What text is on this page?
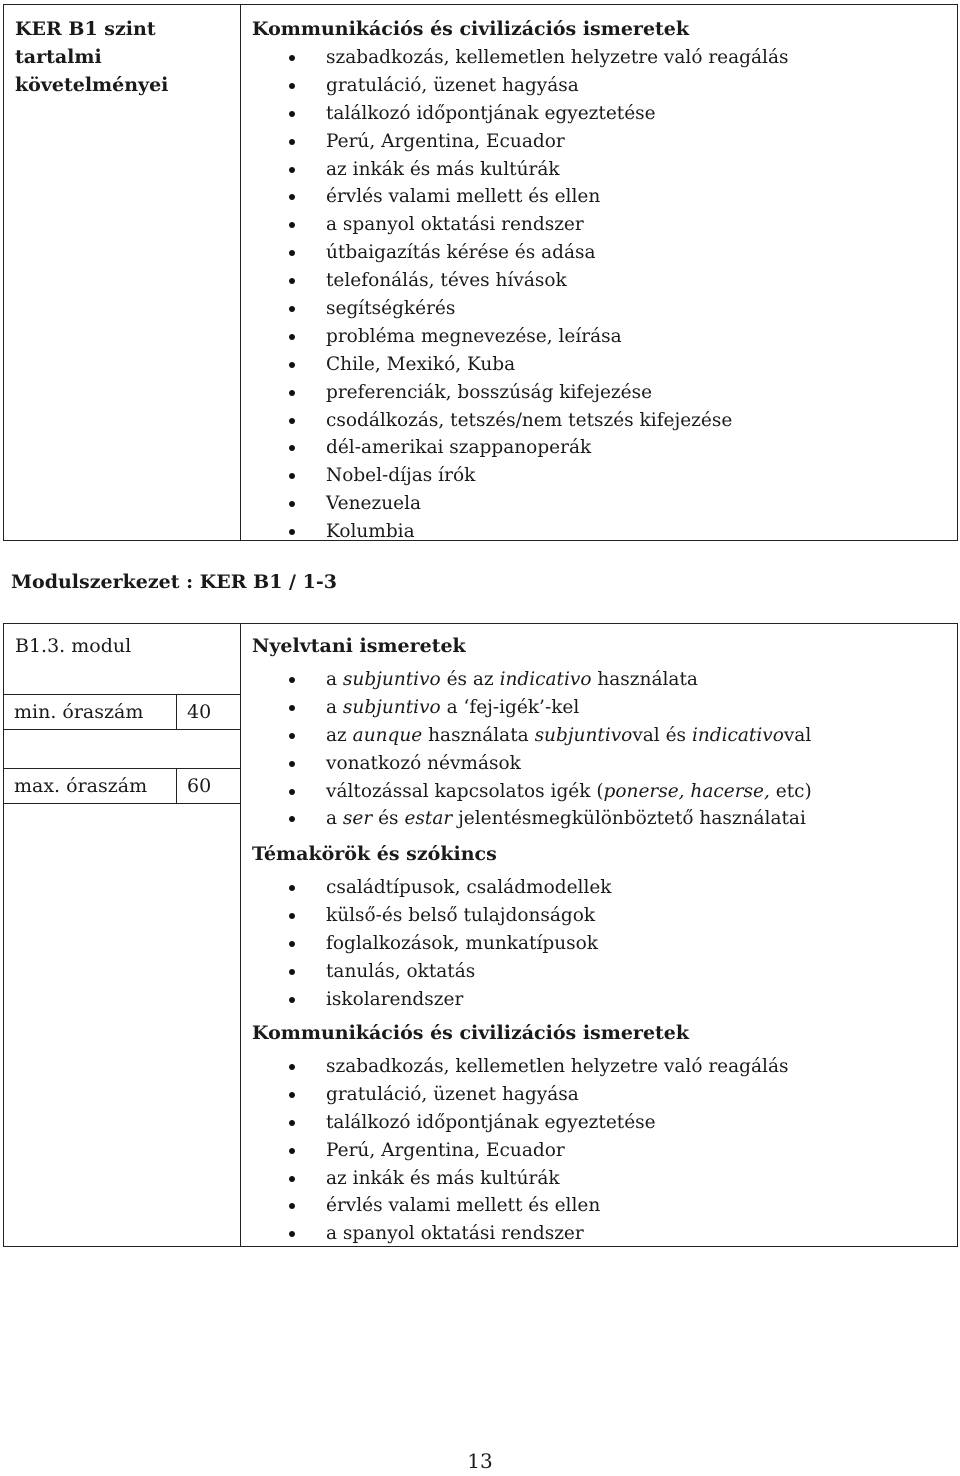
KER B1 szint tartalmi követelményei
Kommunikációs és civilizációs ismeretek
szabadkozás, kellemetlen helyzetre való reagálás
gratuláció, üzenet hagyása
találkozó időpontjának egyeztetése
Perú, Argentina, Ecuador
az inkák és más kultúrák
érvlés valami mellett és ellen
a spanyol oktatási rendszer
útbaigazítás kérése és adása
telefonálás, téves hívások
segítségkérés
probléma megnevezése, leírása
Chile, Mexikó, Kuba
preferenciák, bosszúság kifejezése
csodálkozás, tetszés/nem tetszés kifejezése
dél-amerikai szappanoperák
Nobel-díjas írók
Venezuela
Kolumbia
Modulszerkezet : KER B1 / 1-3
B1.3. modul
min. óraszám	40
max. óraszám	60
Nyelvtani ismeretek
a subjuntivo és az indicativo használata
a subjuntivo a ‘fej-igék’-kel
az aunque használata subjuntivoval és indicativoval
vonatkozó névmások
változással kapcsolatos igék (ponerse, hacerse, etc)
a ser és estar jelentésmegkülönböztető használatai
Témakörök és szókincs
családtípusok, családmodellek
külső-és belső tulajdonságok
foglalkozások, munkatípusok
tanulás, oktatás
iskolarendszer
Kommunikációs és civilizációs ismeretek
szabadkozás, kellemetlen helyzetre való reagálás
gratuláció, üzenet hagyása
találkozó időpontjának egyeztetése
Perú, Argentina, Ecuador
az inkák és más kultúrák
érvlés valami mellett és ellen
a spanyol oktatási rendszer
13
